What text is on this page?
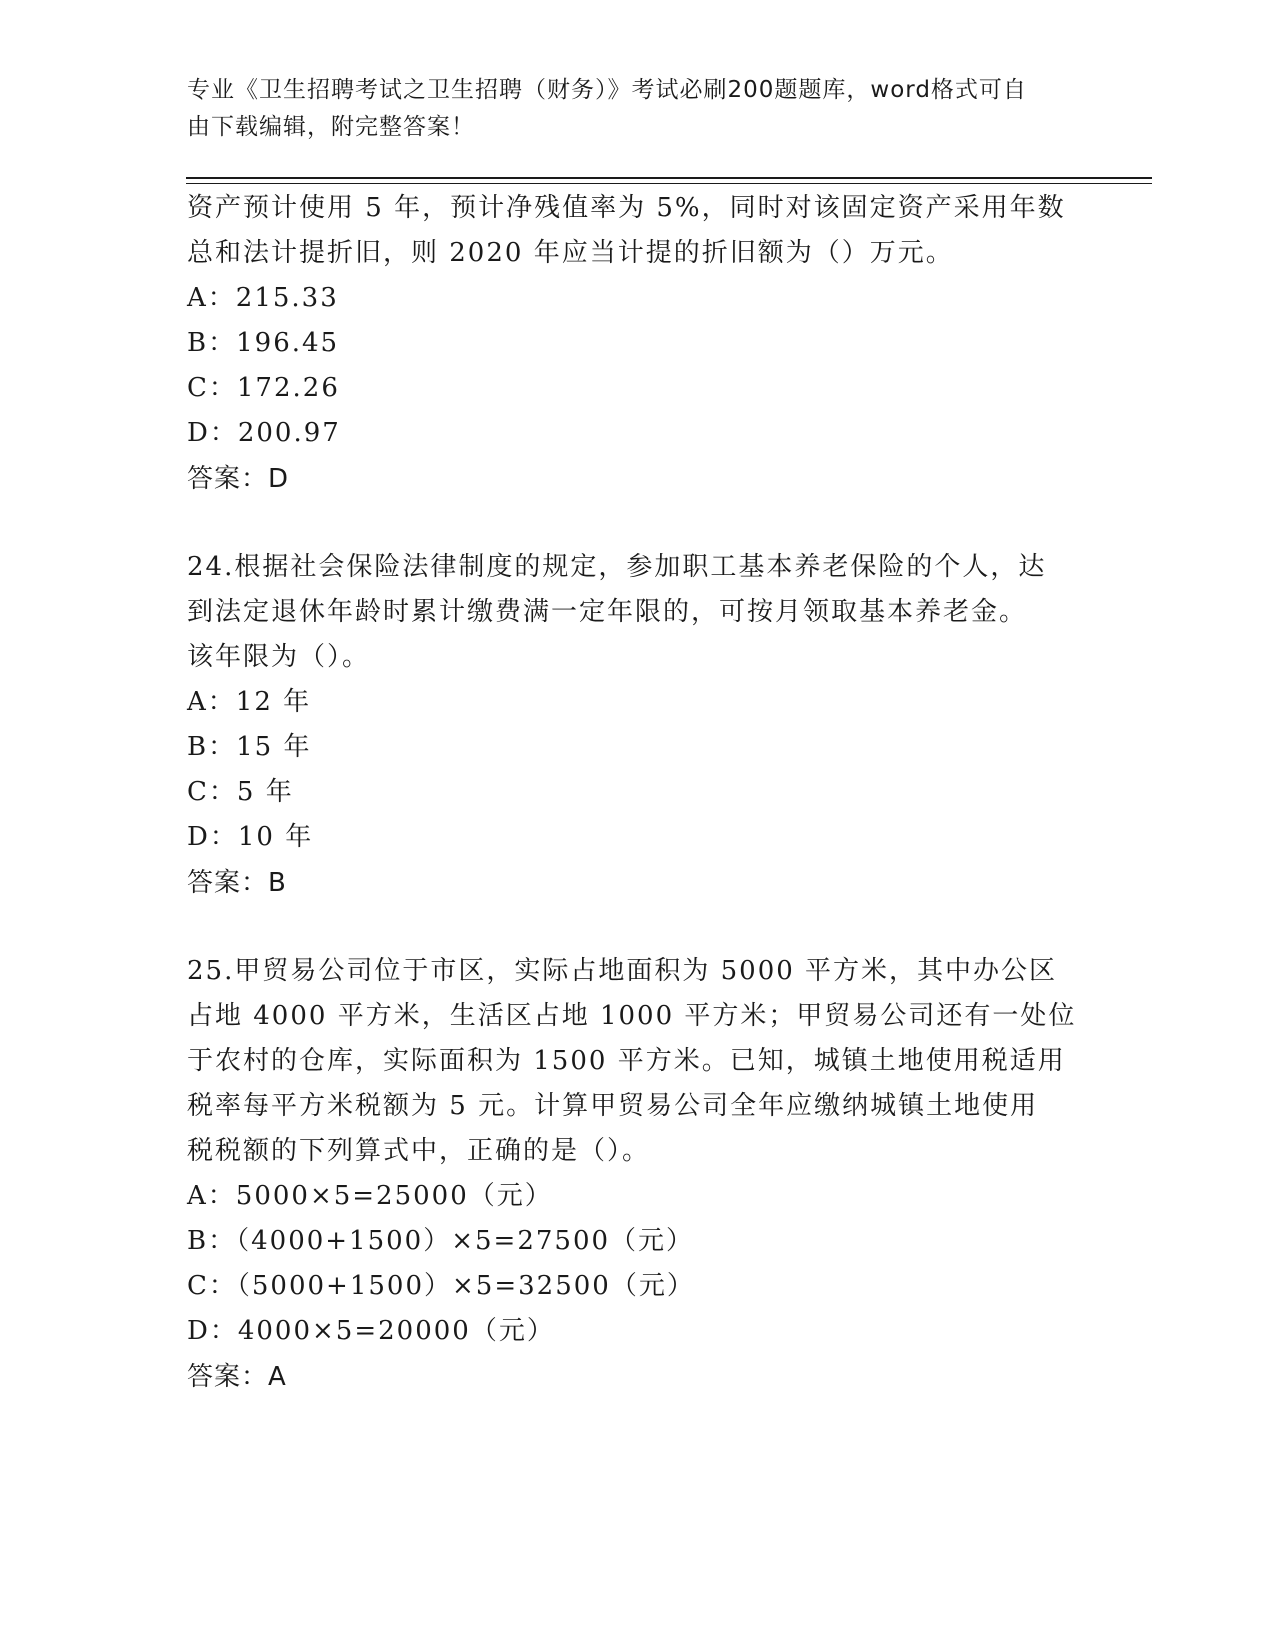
专业《卫生招聘考试之卫生招聘（财务）》考试必刷200题题库，word格式可自
由下载编辑，附完整答案！

资产预计使用 5 年，预计净残值率为 5%，同时对该固定资产采用年数

总和法计提折旧，则 2020 年应当计提的折旧额为（）万元。

A：215.33

B：196.45

C：172.26

D：200.97

答案：D

24.根据社会保险法律制度的规定，参加职工基本养老保险的个人，达

到法定退休年龄时累计缴费满一定年限的，可按月领取基本养老金。

该年限为（）。

A：12 年

B：15 年

C：5 年

D：10 年

答案：B

25.甲贸易公司位于市区，实际占地面积为 5000 平方米，其中办公区

占地 4000 平方米，生活区占地 1000 平方米；甲贸易公司还有一处位

于农村的仓库，实际面积为 1500 平方米。已知，城镇土地使用税适用

税率每平方米税额为 5 元。计算甲贸易公司全年应缴纳城镇土地使用

税税额的下列算式中，正确的是（）。

A：5000×5=25000（元）

B：（4000+1500）×5=27500（元）

C：（5000+1500）×5=32500（元）

D：4000×5=20000（元）

答案：A
